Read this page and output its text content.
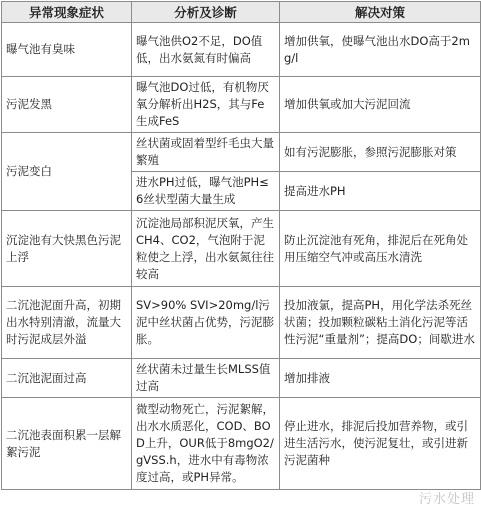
异常现象症状	分析及诊断	解决对策
曝气池有臭味	曝气池供O2不足，DO值低，出水氨氮有时偏高	增加供氧，使曝气池出水DO高于2mg/l
污泥发黑	曝气池DO过低，有机物厌氧分解析出H2S，其与Fe生成FeS	增加供氧或加大污泥回流
污泥变白	丝状菌或固着型纤毛虫大量繁殖	如有污泥膨胀，参照污泥膨胀对策
	进水PH过低，曝气池PH≤6丝状型菌大量生成	提高进水PH
沉淀池有大快黑色污泥上浮	沉淀池局部积泥厌氧，产生CH4、CO2，气泡附于泥粒使之上浮，出水氨氮往往较高	防止沉淀池有死角，排泥后在死角处用压缩空气冲或高压水清洗
二沉池泥面升高，初期出水特别清澈，流量大时污泥成层外溢	SV>90% SVI>20mg/l污泥中丝状菌占优势，污泥膨胀。	投加液氯，提高PH，用化学法杀死丝状菌；投加颗粒碳粘土消化污泥等活性污泥“重量剂”；提高DO；间歇进水
二沉池泥面过高	丝状菌未过量生长MLSS值过高	增加排液
二沉池表面积累一层解絮污泥	微型动物死亡，污泥絮解，出水水质恶化，COD、BOD上升，OUR低于8mgO2/gVSS.h，进水中有毒物浓度过高，或PH异常。	停止进水，排泥后投加营养物，或引进生活污水，使污泥复壮，或引进新污泥菌种
污水处理
